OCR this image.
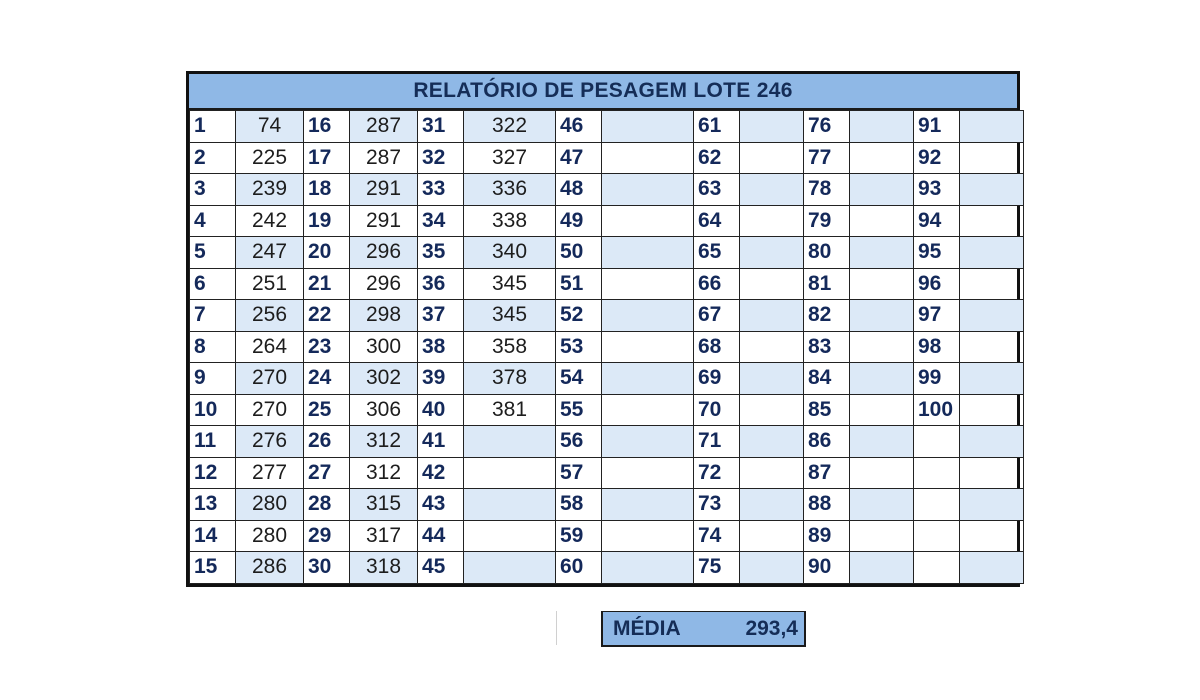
RELATÓRIO DE PESAGEM LOTE 246
1	74	16	287	31	322	46		61		76		91	
2	225	17	287	32	327	47		62		77		92	
3	239	18	291	33	336	48		63		78		93	
4	242	19	291	34	338	49		64		79		94	
5	247	20	296	35	340	50		65		80		95	
6	251	21	296	36	345	51		66		81		96	
7	256	22	298	37	345	52		67		82		97	
8	264	23	300	38	358	53		68		83		98	
9	270	24	302	39	378	54		69		84		99	
10	270	25	306	40	381	55		70		85		100	
11	276	26	312	41		56		71		86			
12	277	27	312	42		57		72		87			
13	280	28	315	43		58		73		88			
14	280	29	317	44		59		74		89			
15	286	30	318	45		60		75		90			
MÉDIA	293,4
